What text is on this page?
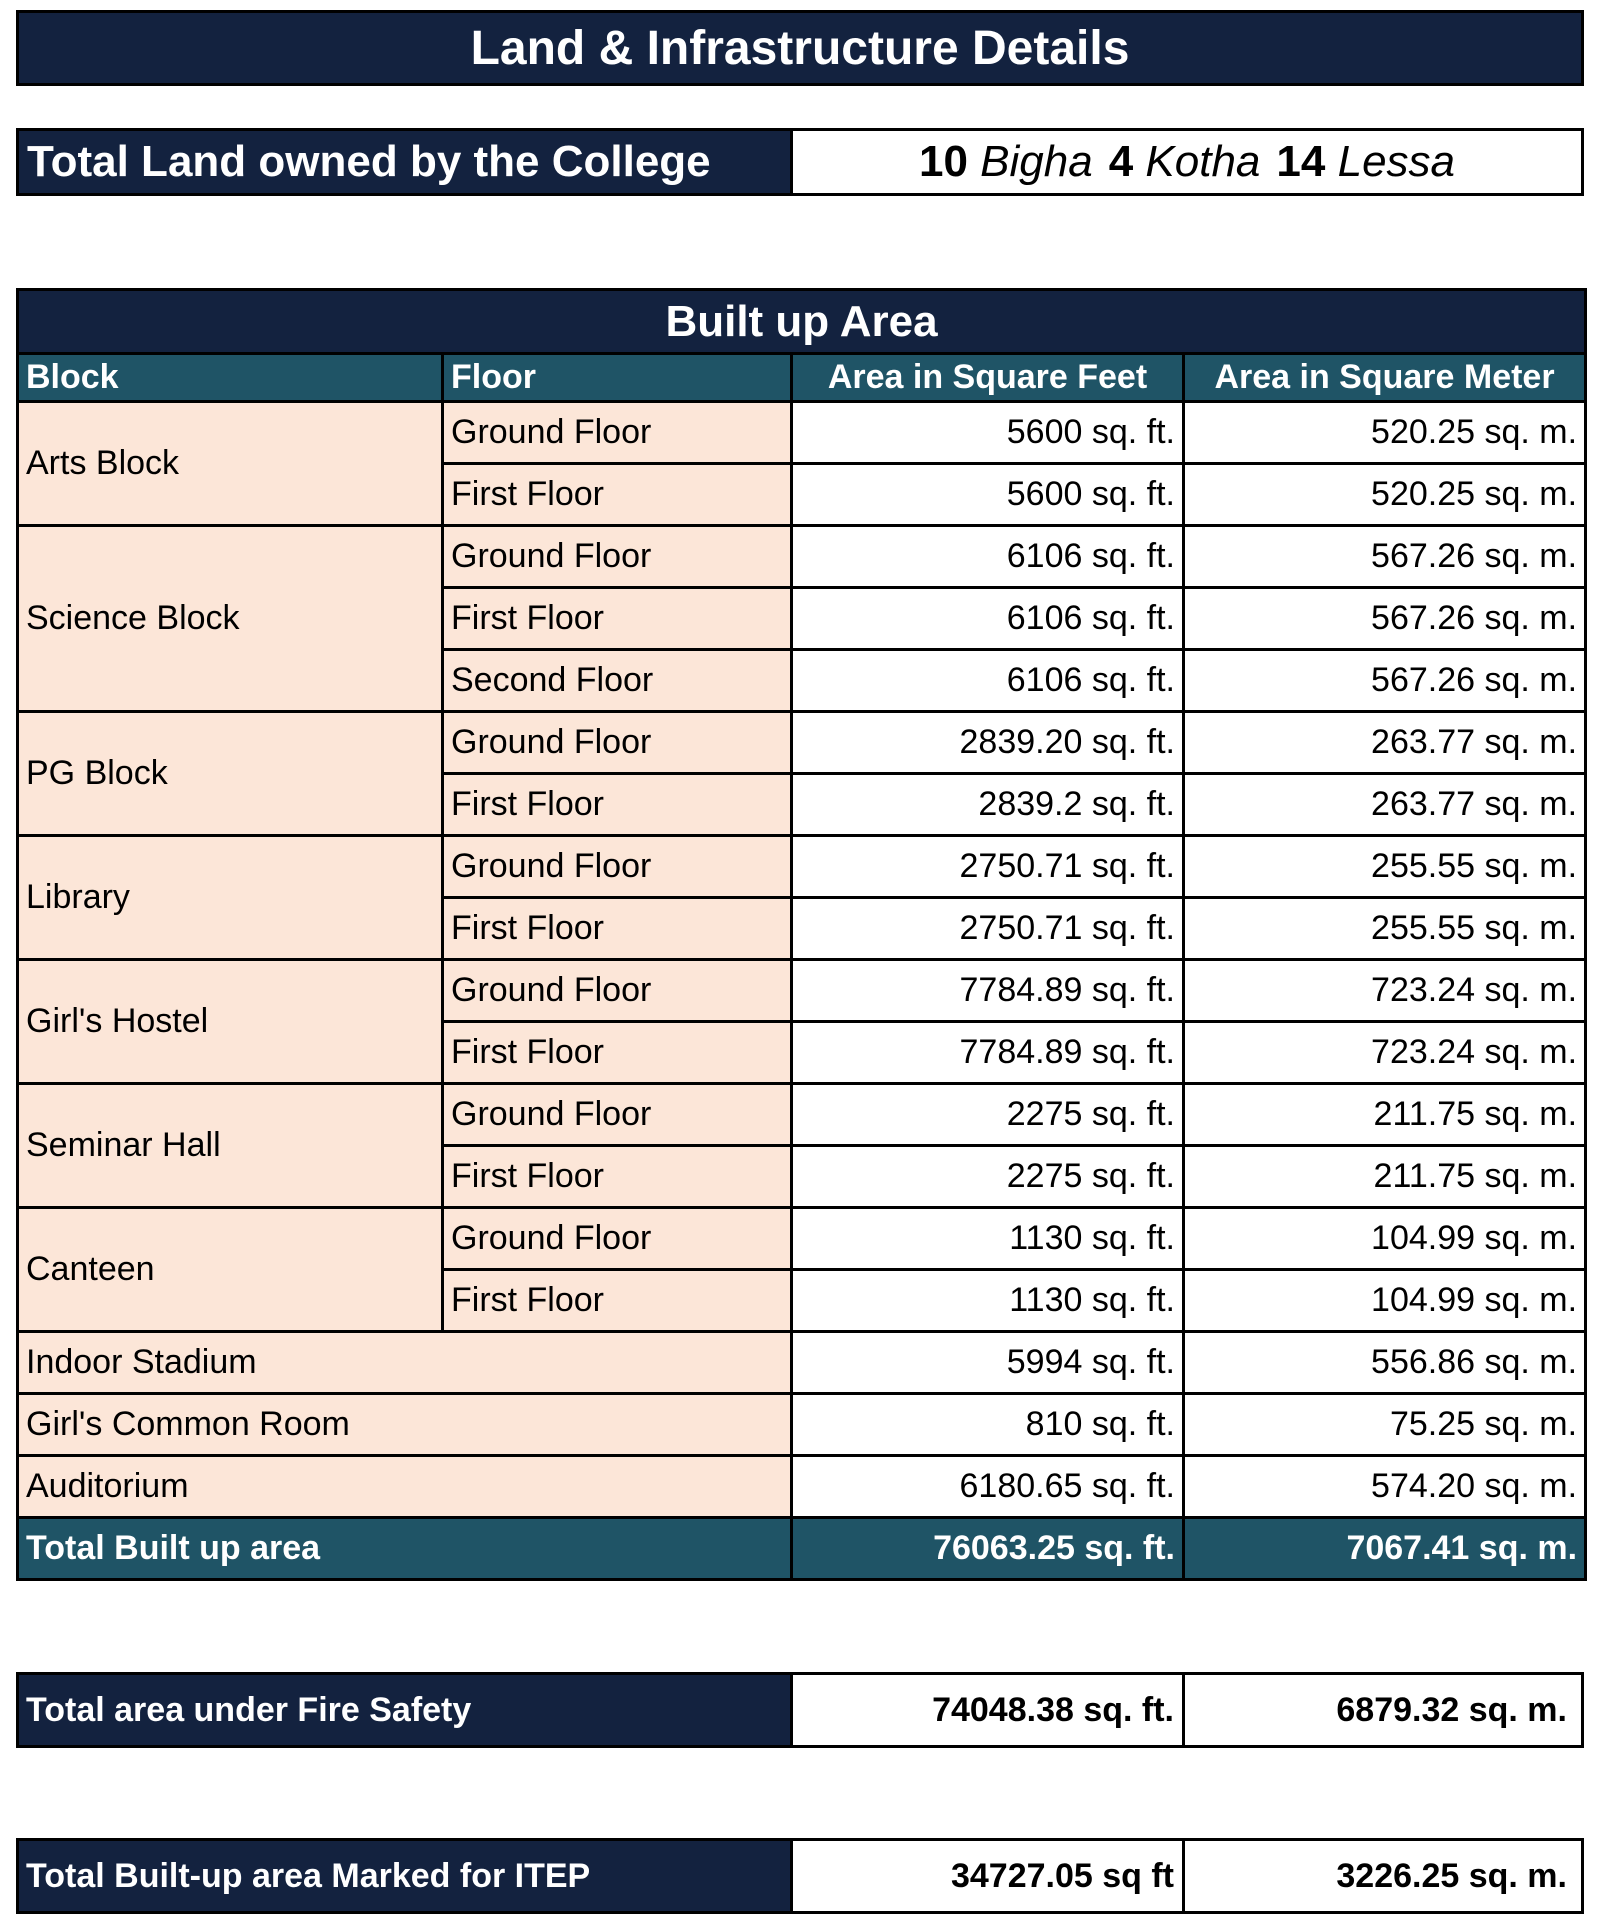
Land & Infrastructure Details
Total Land owned by the College	10 Bigha 4 Kotha 14 Lessa
Built up Area			
Block	Floor	Area in Square Feet	Area in Square Meter
Arts Block	Ground Floor	5600 sq. ft.	520.25 sq. m.
	First Floor	5600 sq. ft.	520.25 sq. m.
Science Block	Ground Floor	6106 sq. ft.	567.26 sq. m.
	First Floor	6106 sq. ft.	567.26 sq. m.
	Second Floor	6106 sq. ft.	567.26 sq. m.
PG Block	Ground Floor	2839.20 sq. ft.	263.77 sq. m.
	First Floor	2839.2 sq. ft.	263.77 sq. m.
Library	Ground Floor	2750.71 sq. ft.	255.55 sq. m.
	First Floor	2750.71 sq. ft.	255.55 sq. m.
Girl's Hostel	Ground Floor	7784.89 sq. ft.	723.24 sq. m.
	First Floor	7784.89 sq. ft.	723.24 sq. m.
Seminar Hall	Ground Floor	2275 sq. ft.	211.75 sq. m.
	First Floor	2275 sq. ft.	211.75 sq. m.
Canteen	Ground Floor	1130 sq. ft.	104.99 sq. m.
	First Floor	1130 sq. ft.	104.99 sq. m.
Indoor Stadium		5994 sq. ft.	556.86 sq. m.
Girl's Common Room		810 sq. ft.	75.25 sq. m.
Auditorium		6180.65 sq. ft.	574.20 sq. m.
Total Built up area		76063.25 sq. ft.	7067.41 sq. m.
Total area under Fire Safety	74048.38 sq. ft.	6879.32 sq. m.
Total Built-up area Marked for ITEP	34727.05 sq ft	3226.25 sq. m.
